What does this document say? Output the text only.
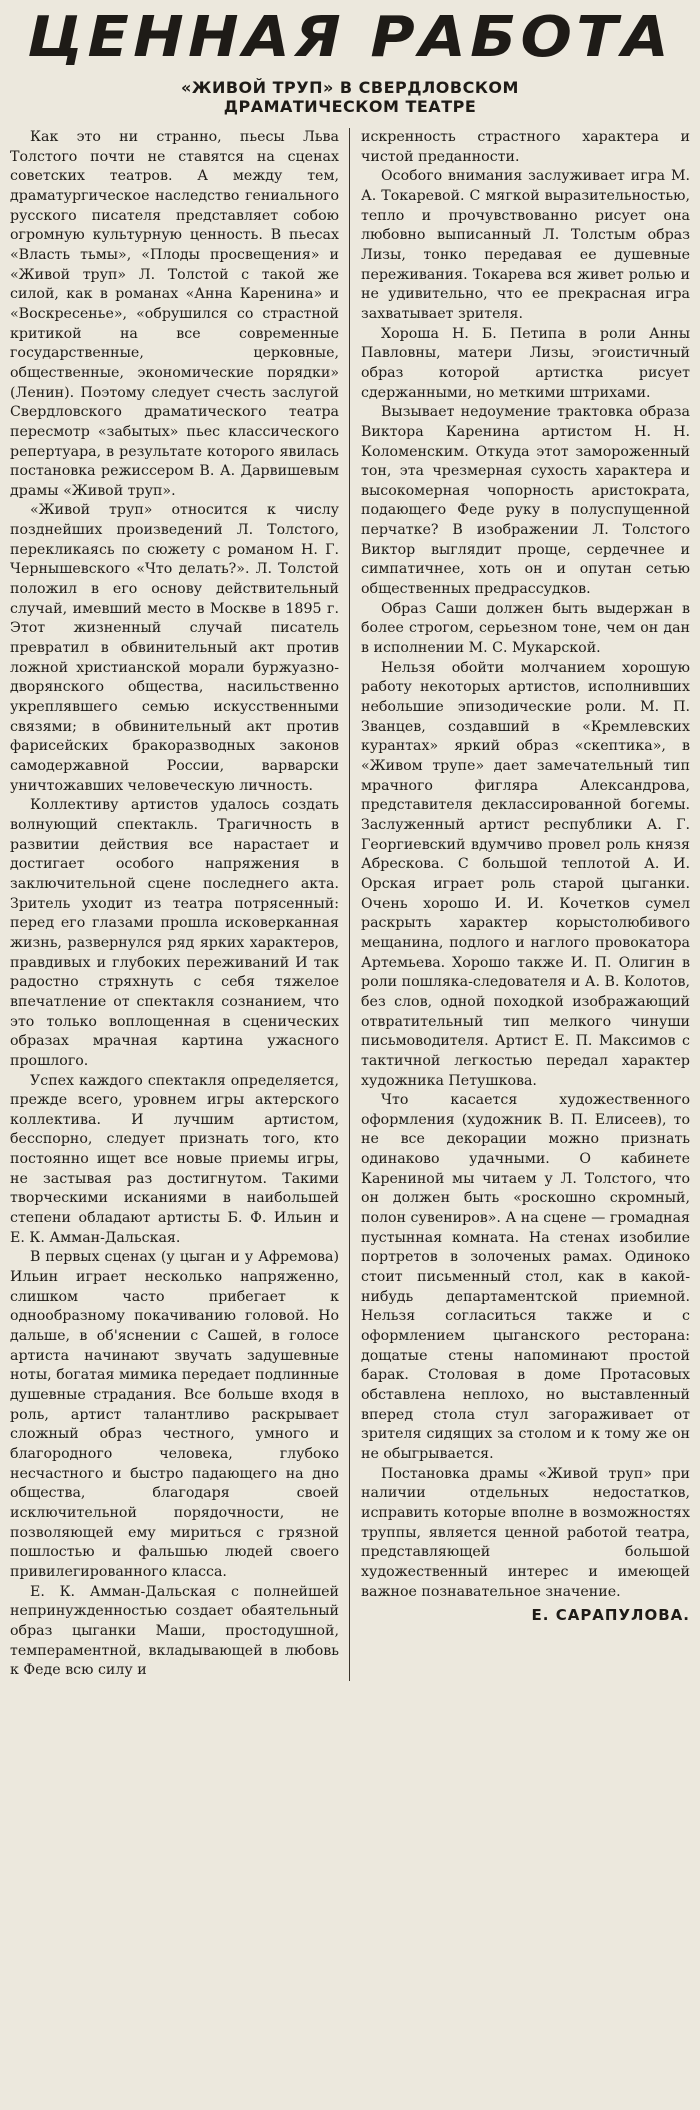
ЦЕННАЯ РАБОТА
«ЖИВОЙ ТРУП» В СВЕРДЛОВСКОМ
ДРАМАТИЧЕСКОМ ТЕАТРЕ

Как это ни странно, пьесы Льва Толстого почти не ставятся на сценах советских театров. А между тем, драматургическое наследство гениального русского писателя представляет собою огромную культурную ценность. В пьесах «Власть тьмы», «Плоды просвещения» и «Живой труп» Л. Толстой с такой же силой, как в романах «Анна Каренина» и «Воскресенье», «обрушился со страстной критикой на все современные государственные, церковные, общественные, экономические порядки» (Ленин). Поэтому следует счесть заслугой Свердловского драматического театра пересмотр «забытых» пьес классического репертуара, в результате которого явилась постановка режиссером В. А. Дарвишевым драмы «Живой труп».

«Живой труп» относится к числу позднейших произведений Л. Толстого, перекликаясь по сюжету с романом Н. Г. Чернышевского «Что делать?». Л. Толстой положил в его основу действительный случай, имевший место в Москве в 1895 г. Этот жизненный случай писатель превратил в обвинительный акт против ложной христианской морали буржуазно-дворянского общества, насильственно укреплявшего семью искусственными связями; в обвинительный акт против фарисейских бракоразводных законов самодержавной России, варварски уничтожавших человеческую личность.

Коллективу артистов удалось создать волнующий спектакль. Трагичность в развитии действия все нарастает и достигает особого напряжения в заключительной сцене последнего акта. Зритель уходит из театра потрясенный: перед его глазами прошла исковерканная жизнь, развернулся ряд ярких характеров, правдивых и глубоких переживаний И так радостно стряхнуть с себя тяжелое впечатление от спектакля сознанием, что это только воплощенная в сценических образах мрачная картина ужасного прошлого.

Успех каждого спектакля определяется, прежде всего, уровнем игры актерского коллектива. И лучшим артистом, бесспорно, следует признать того, кто постоянно ищет все новые приемы игры, не застывая раз достигнутом. Такими творческими исканиями в наибольшей степени обладают артисты Б. Ф. Ильин и Е. К. Амман-Дальская.

В первых сценах (у цыган и у Афремова) Ильин играет несколько напряженно, слишком часто прибегает к однообразному покачиванию головой. Но дальше, в об'яснении с Сашей, в голосе артиста начинают звучать задушевные ноты, богатая мимика передает подлинные душевные страдания. Все больше входя в роль, артист талантливо раскрывает сложный образ честного, умного и благородного человека, глубоко несчастного и быстро падающего на дно общества, благодаря своей исключительной порядочности, не позволяющей ему мириться с грязной пошлостью и фальшью людей своего привилегированного класса.

Е. К. Амман-Дальская с полнейшей непринужденностью создает обаятельный образ цыганки Маши, простодушной, темпераментной, вкладывающей в любовь к Феде всю силу и

искренность страстного характера и чистой преданности.

Особого внимания заслуживает игра М. А. Токаревой. С мягкой выразительностью, тепло и прочувствованно рисует она любовно выписанный Л. Толстым образ Лизы, тонко передавая ее душевные переживания. Токарева вся живет ролью и не удивительно, что ее прекрасная игра захватывает зрителя.

Хороша Н. Б. Петипа в роли Анны Павловны, матери Лизы, эгоистичный образ которой артистка рисует сдержанными, но меткими штрихами.

Вызывает недоумение трактовка образа Виктора Каренина артистом Н. Н. Коломенским. Откуда этот замороженный тон, эта чрезмерная сухость характера и высокомерная чопорность аристократа, подающего Феде руку в полуспущенной перчатке? В изображении Л. Толстого Виктор выглядит проще, сердечнее и симпатичнее, хоть он и опутан сетью общественных предрассудков.

Образ Саши должен быть выдержан в более строгом, серьезном тоне, чем он дан в исполнении М. С. Мукарской.

Нельзя обойти молчанием хорошую работу некоторых артистов, исполнивших небольшие эпизодические роли. М. П. Званцев, создавший в «Кремлевских курантах» яркий образ «скептика», в «Живом трупе» дает замечательный тип мрачного фигляра Александрова, представителя деклассированной богемы. Заслуженный артист республики А. Г. Георгиевский вдумчиво провел роль князя Абрескова. С большой теплотой А. И. Орская играет роль старой цыганки. Очень хорошо И. И. Кочетков сумел раскрыть характер корыстолюбивого мещанина, подлого и наглого провокатора Артемьева. Хорошо также И. П. Олигин в роли пошляка-следователя и А. В. Колотов, без слов, одной походкой изображающий отвратительный тип мелкого чинуши письмоводителя. Артист Е. П. Максимов с тактичной легкостью передал характер художника Петушкова.

Что касается художественного оформления (художник В. П. Елисеев), то не все декорации можно признать одинаково удачными. О кабинете Карениной мы читаем у Л. Толстого, что он должен быть «роскошно скромный, полон сувениров». А на сцене — громадная пустынная комната. На стенах изобилие портретов в золоченых рамах. Одиноко стоит письменный стол, как в какой-нибудь департаментской приемной. Нельзя согласиться также и с оформлением цыганского ресторана: дощатые стены напоминают простой барак. Столовая в доме Протасовых обставлена неплохо, но выставленный вперед стола стул загораживает от зрителя сидящих за столом и к тому же он не обыгрывается.

Постановка драмы «Живой труп» при наличии отдельных недостатков, исправить которые вполне в возможностях труппы, является ценной работой театра, представляющей большой художественный интерес и имеющей важное познавательное значение.

Е. САРАПУЛОВА.
